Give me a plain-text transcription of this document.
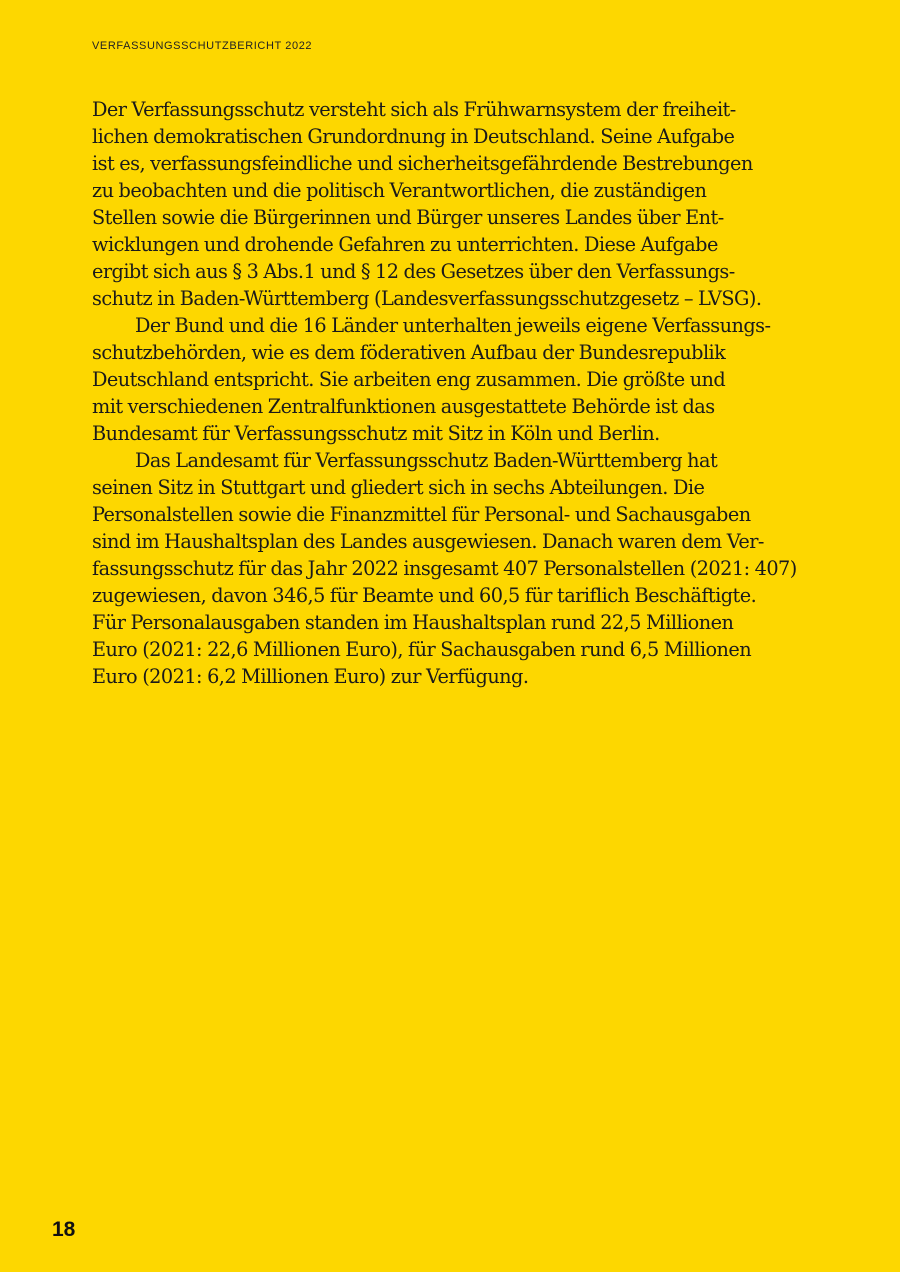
VERFASSUNGSSCHUTZBERICHT 2022
Der Verfassungsschutz versteht sich als Frühwarnsystem der freiheit-
lichen demokratischen Grundordnung in Deutschland. Seine Aufgabe
ist es, verfassungsfeindliche und sicherheitsgefährdende Bestrebungen
zu beobachten und die politisch Verantwortlichen, die zuständigen
Stellen sowie die Bürgerinnen und Bürger unseres Landes über Ent-
wicklungen und drohende Gefahren zu unterrichten. Diese Aufgabe
ergibt sich aus § 3 Abs.1 und § 12 des Gesetzes über den Verfassungs-
schutz in Baden-Württemberg (Landesverfassungsschutzgesetz – LVSG).
Der Bund und die 16 Länder unterhalten jeweils eigene Verfassungs-
schutzbehörden, wie es dem föderativen Aufbau der Bundesrepublik
Deutschland entspricht. Sie arbeiten eng zusammen. Die größte und
mit verschiedenen Zentralfunktionen ausgestattete Behörde ist das
Bundesamt für Verfassungsschutz mit Sitz in Köln und Berlin.
Das Landesamt für Verfassungsschutz Baden-Württemberg hat
seinen Sitz in Stuttgart und gliedert sich in sechs Abteilungen. Die
Personalstellen sowie die Finanzmittel für Personal- und Sachausgaben
sind im Haushaltsplan des Landes ausgewiesen. Danach waren dem Ver-
fassungsschutz für das Jahr 2022 insgesamt 407 Personalstellen (2021: 407)
zugewiesen, davon 346,5 für Beamte und 60,5 für tariflich Beschäftigte.
Für Personalausgaben standen im Haushaltsplan rund 22,5 Millionen
Euro (2021: 22,6 Millionen Euro), für Sachausgaben rund 6,5 Millionen
Euro (2021: 6,2 Millionen Euro) zur Verfügung.
18
